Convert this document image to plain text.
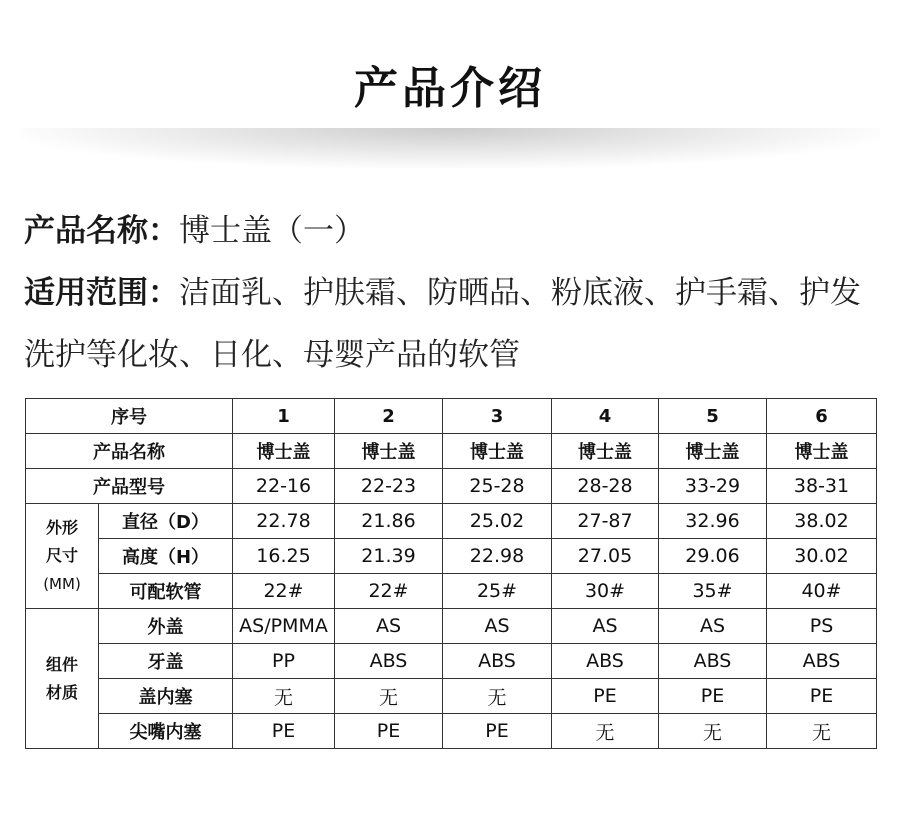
产品介绍
产品名称：博士盖（一）
适用范围：洁面乳、护肤霜、防晒品、粉底液、护手霜、护发洗护等化妆、日化、母婴产品的软管
序号		1	2	3	4	5	6
产品名称		博士盖	博士盖	博士盖	博士盖	博士盖	博士盖
产品型号		22-16	22-23	25-28	28-28	33-29	38-31

外形
尺寸
(MM)	直径（D）	22.78	21.86	25.02	27-87	32.96	38.02
	高度（H）	16.25	21.39	22.98	27.05	29.06	30.02
	可配软管	22#	22#	25#	30#	35#	40#

组件
材质	外盖	AS/PMMA	AS	AS	AS	AS	PS
	牙盖	PP	ABS	ABS	ABS	ABS	ABS
	盖内塞	无	无	无	PE	PE	PE
	尖嘴内塞	PE	PE	PE	无	无	无
